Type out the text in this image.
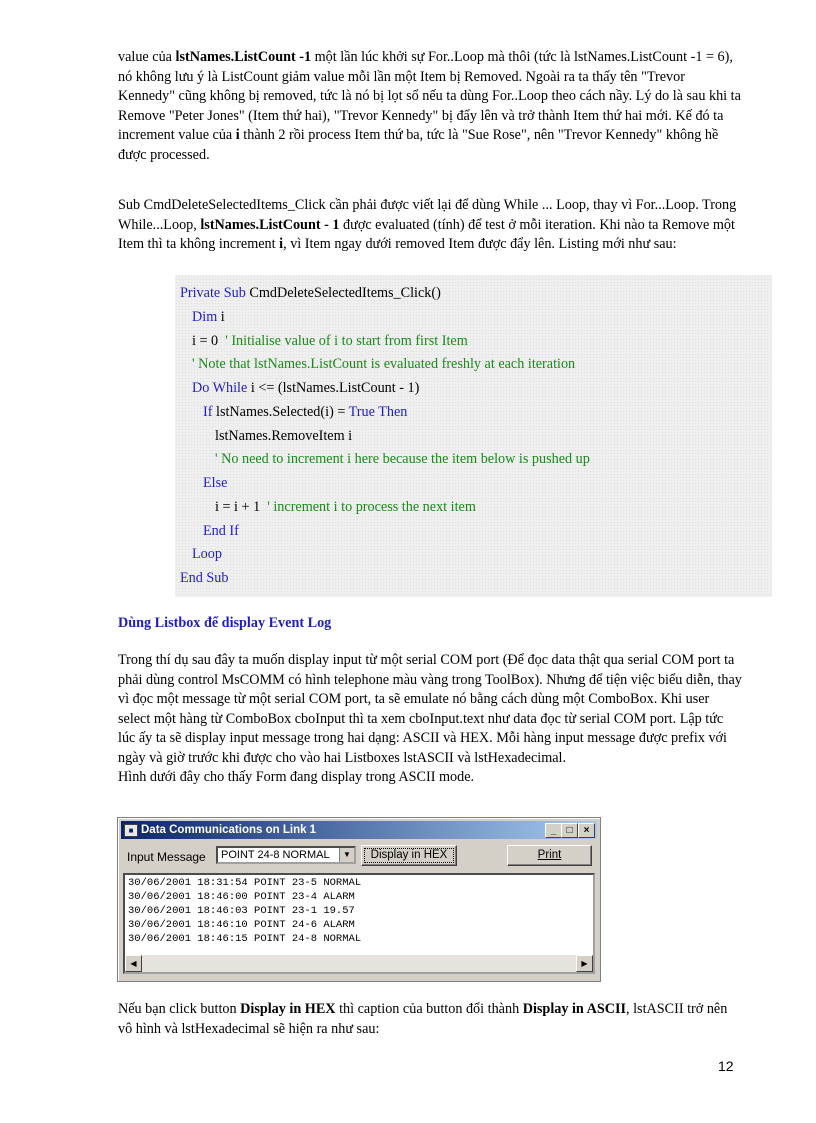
value của lstNames.ListCount -1 một lần lúc khởi sự For..Loop mà thôi (tức là lstNames.ListCount -1 = 6), nó không lưu ý là ListCount giảm value mỗi lần một Item bị Removed. Ngoài ra ta thấy tên "Trevor Kennedy" cũng không bị removed, tức là nó bị lọt sổ nếu ta dùng For..Loop theo cách nầy. Lý do là sau khi ta Remove "Peter Jones" (Item thứ hai), "Trevor Kennedy" bị đẩy lên và trở thành Item thứ hai mới. Kế đó ta increment value của i thành 2 rồi process Item thứ ba, tức là "Sue Rose", nên "Trevor Kennedy" không hề được processed.

Sub CmdDeleteSelectedItems_Click cần phải được viết lại để dùng While ... Loop, thay vì For...Loop. Trong While...Loop, lstNames.ListCount - 1 được evaluated (tính) để test ở mỗi iteration. Khi nào ta Remove một Item thì ta không increment i, vì Item ngay dưới removed Item được đẩy lên. Listing mới như sau:

Private Sub CmdDeleteSelectedItems_Click()
Dim i
i = 0  ' Initialise value of i to start from first Item
' Note that lstNames.ListCount is evaluated freshly at each iteration
Do While i <= (lstNames.ListCount - 1)
If lstNames.Selected(i) = True Then
lstNames.RemoveItem i
' No need to increment i here because the item below is pushed up
Else
i = i + 1  ' increment i to process the next item
End If
Loop
End Sub
Dùng Listbox để display Event Log

Trong thí dụ sau đây ta muốn display input từ một serial COM port (Để đọc data thật qua serial COM port ta phải dùng control MsCOMM có hình telephone màu vàng trong ToolBox). Nhưng để tiện việc biểu diễn, thay vì đọc một message từ một serial COM port, ta sẽ emulate nó bằng cách dùng một ComboBox. Khi user select một hàng từ ComboBox cboInput thì ta xem cboInput.text như data đọc từ serial COM port. Lập tức lúc ấy ta sẽ display input message trong hai dạng: ASCII và HEX. Mỗi hàng input message được prefix với ngày và giờ trước khi được cho vào hai Listboxes lstASCII và lstHexadecimal.
Hình dưới đây cho thấy Form đang display trong ASCII mode.

■ Data Communications on Link 1	_	□	×
Input Message	POINT 24-8 NORMAL	▼	Display in HEX	Print
30/06/2001 18:31:54 POINT 23-5 NORMAL
30/06/2001 18:46:00 POINT 23-4 ALARM
30/06/2001 18:46:03 POINT 23-1 19.57
30/06/2001 18:46:10 POINT 24-6 ALARM
30/06/2001 18:46:15 POINT 24-8 NORMAL
◀	▶

Nếu bạn click button Display in HEX thì caption của button đổi thành Display in ASCII, lstASCII trở nên vô hình và lstHexadecimal sẽ hiện ra như sau:

12
